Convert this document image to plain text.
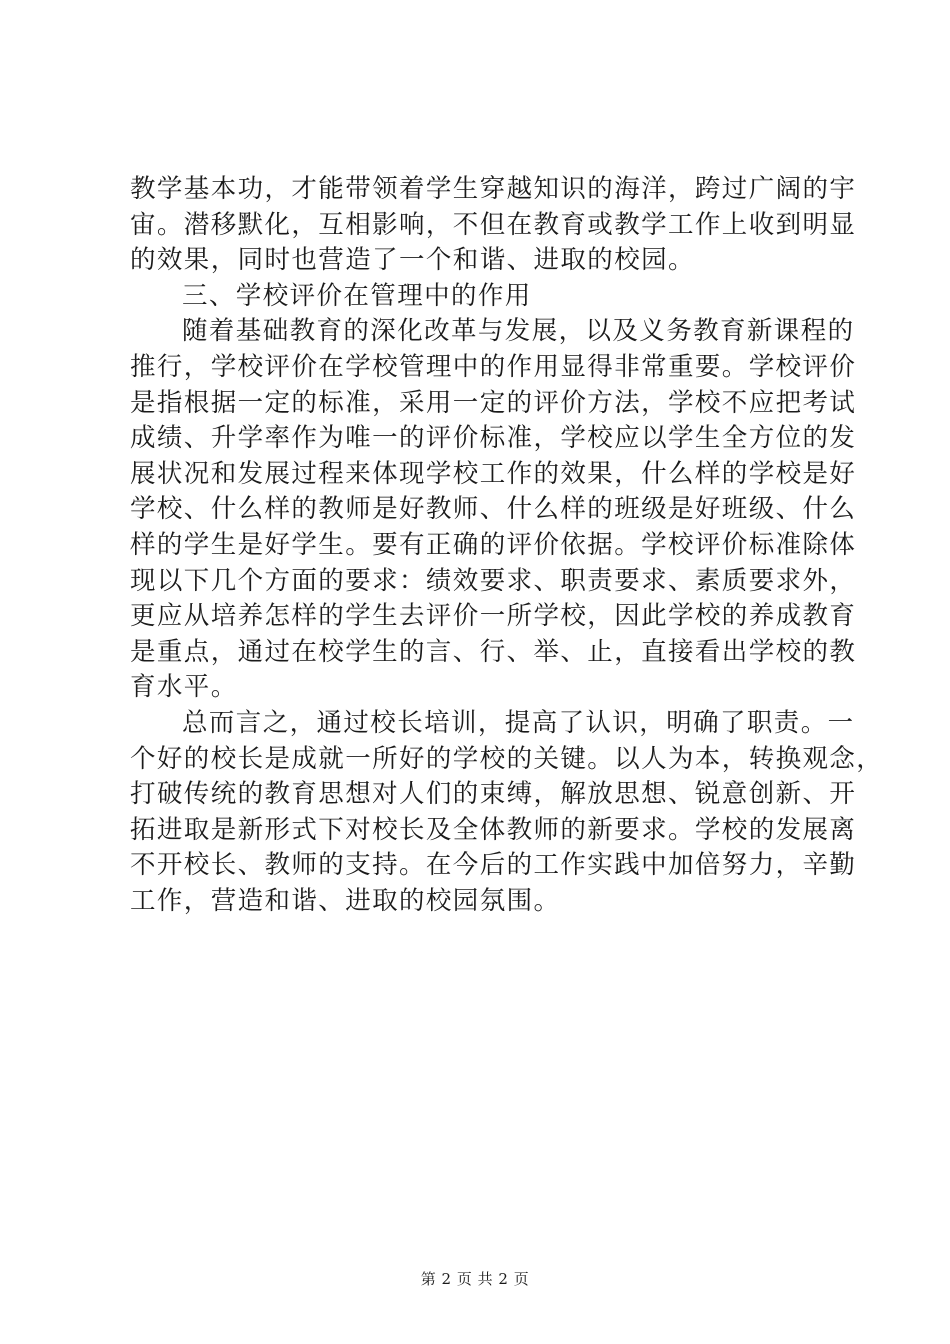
教学基本功，才能带领着学生穿越知识的海洋，跨过广阔的宇
宙。潜移默化，互相影响，不但在教育或教学工作上收到明显
的效果，同时也营造了一个和谐、进取的校园。
三、学校评价在管理中的作用
随着基础教育的深化改革与发展，以及义务教育新课程的
推行，学校评价在学校管理中的作用显得非常重要。学校评价
是指根据一定的标准，采用一定的评价方法，学校不应把考试
成绩、升学率作为唯一的评价标准，学校应以学生全方位的发
展状况和发展过程来体现学校工作的效果，什么样的学校是好
学校、什么样的教师是好教师、什么样的班级是好班级、什么
样的学生是好学生。要有正确的评价依据。学校评价标准除体
现以下几个方面的要求：绩效要求、职责要求、素质要求外，
更应从培养怎样的学生去评价一所学校，因此学校的养成教育
是重点，通过在校学生的言、行、举、止，直接看出学校的教
育水平。
总而言之，通过校长培训，提高了认识，明确了职责。一
个好的校长是成就一所好的学校的关键。以人为本，转换观念，
打破传统的教育思想对人们的束缚，解放思想、锐意创新、开
拓进取是新形式下对校长及全体教师的新要求。学校的发展离
不开校长、教师的支持。在今后的工作实践中加倍努力，辛勤
工作，营造和谐、进取的校园氛围。
第 2 页 共 2 页
